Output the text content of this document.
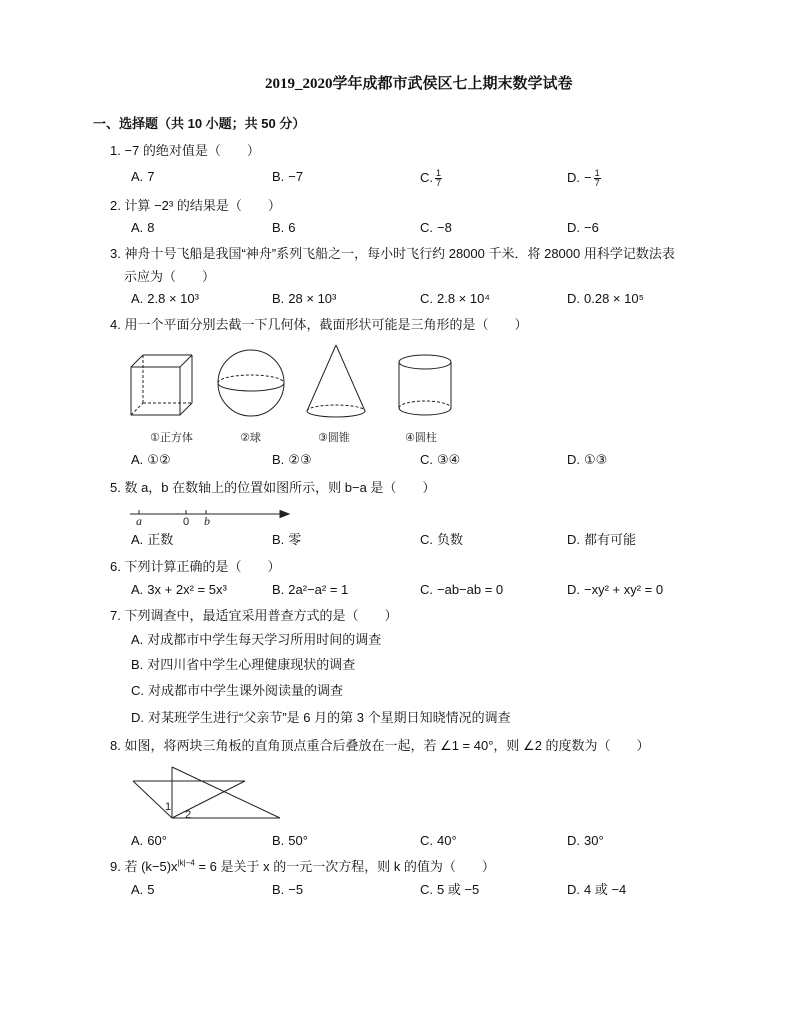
①正方体	②球	③圆锥	④圆柱
a	0 b
1
2
2019_2020学年成都市武侯区七上期末数学试卷
一、选择题（共 10 小题；共 50 分）
1. −7 的绝对值是（　　）
A. 7	B. −7	C. $\frac{1}{7}$	D. − $\frac{1}{7}$
2. 计算 −2³ 的结果是（　　）
A. 8	B. 6	C. −8	D. −6
3. 神舟十号飞船是我国“神舟”系列飞船之一，每小时飞行约 28000 千米．将 28000 用科学记数法表
示应为（　　）
A. 2.8 × 10³	B. 28 × 10³	C. 2.8 × 10⁴	D. 0.28 × 10⁵
4. 用一个平面分别去截一下几何体，截面形状可能是三角形的是（　　）
A. ①②	B. ②③	C. ③④	D. ①③
5. 数 a，b 在数轴上的位置如图所示，则 b−a 是（　　）
A. 正数	B. 零	C. 负数	D. 都有可能
6. 下列计算正确的是（　　）
A. 3x + 2x² = 5x³	B. 2a²−a² = 1	C. −ab−ab = 0	D. −xy² + xy² = 0
7. 下列调查中，最适宜采用普查方式的是（　　）
A. 对成都市中学生每天学习所用时间的调查
B. 对四川省中学生心理健康现状的调查
C. 对成都市中学生课外阅读量的调查
D. 对某班学生进行“父亲节”是 6 月的第 3 个星期日知晓情况的调查
8. 如图，将两块三角板的直角顶点重合后叠放在一起，若 ∠1 = 40°，则 ∠2 的度数为（　　）
A. 60°	B. 50°	C. 40°	D. 30°
9. 若 $(k-5)x^{|k|-4} = 6$ 是关于 x 的一元一次方程，则 k 的值为（　　）
A. 5	B. −5	C. 5 或 −5	D. 4 或 −4
